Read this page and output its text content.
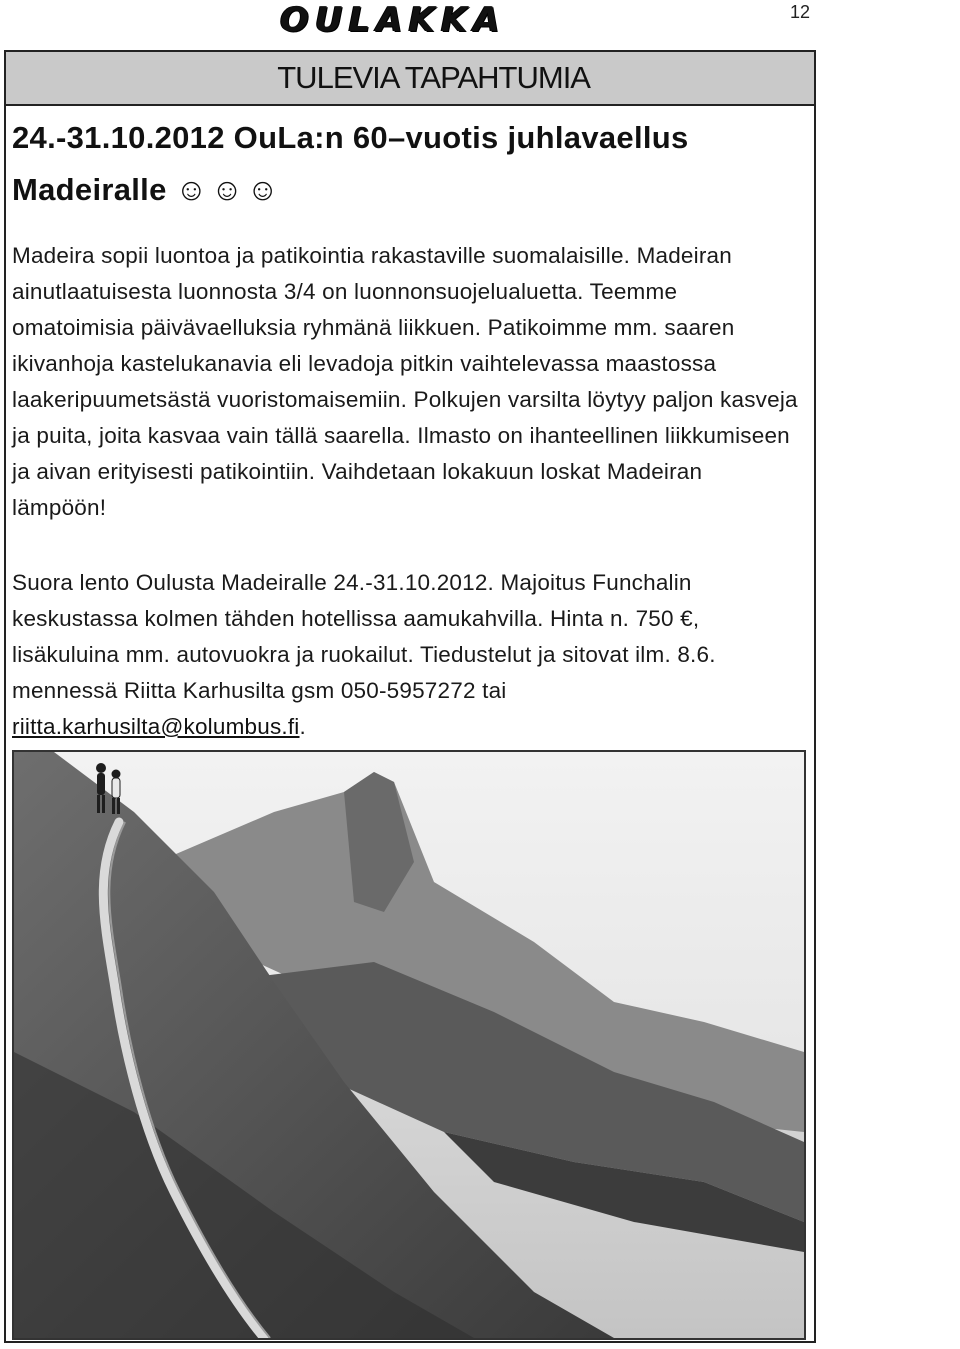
O U L A K K A	12
TULEVIA TAPAHTUMIA
24.-31.10.2012 OuLa:n 60–vuotis juhlavaellus Madeiralle ☺☺☺
Madeira sopii luontoa ja patikointia rakastaville suomalaisille. Madeiran ainutlaatuisesta luonnosta 3/4 on luonnonsuojelualuetta. Teemme omatoimisia päivävaelluksia ryhmänä liikkuen. Patikoimme mm. saaren ikivanhoja kastelukanavia eli levadoja pitkin vaihtelevassa maastossa laakeripuumetsästä vuoristomaisemiin. Polkujen varsilta löytyy paljon kasveja ja puita, joita kasvaa vain tällä saarella. Ilmasto on ihanteellinen liikkumiseen ja aivan erityisesti patikointiin. Vaihdetaan lokakuun loskat Madeiran lämpöön!
Suora lento Oulusta Madeiralle 24.-31.10.2012. Majoitus Funchalin keskustassa kolmen tähden hotellissa aamukahvilla. Hinta n. 750 €, lisäkuluina mm. autovuokra ja ruokailut. Tiedustelut ja sitovat ilm. 8.6. mennessä Riitta Karhusilta gsm 050-5957272 tai riitta.karhusilta@kolumbus.fi.
